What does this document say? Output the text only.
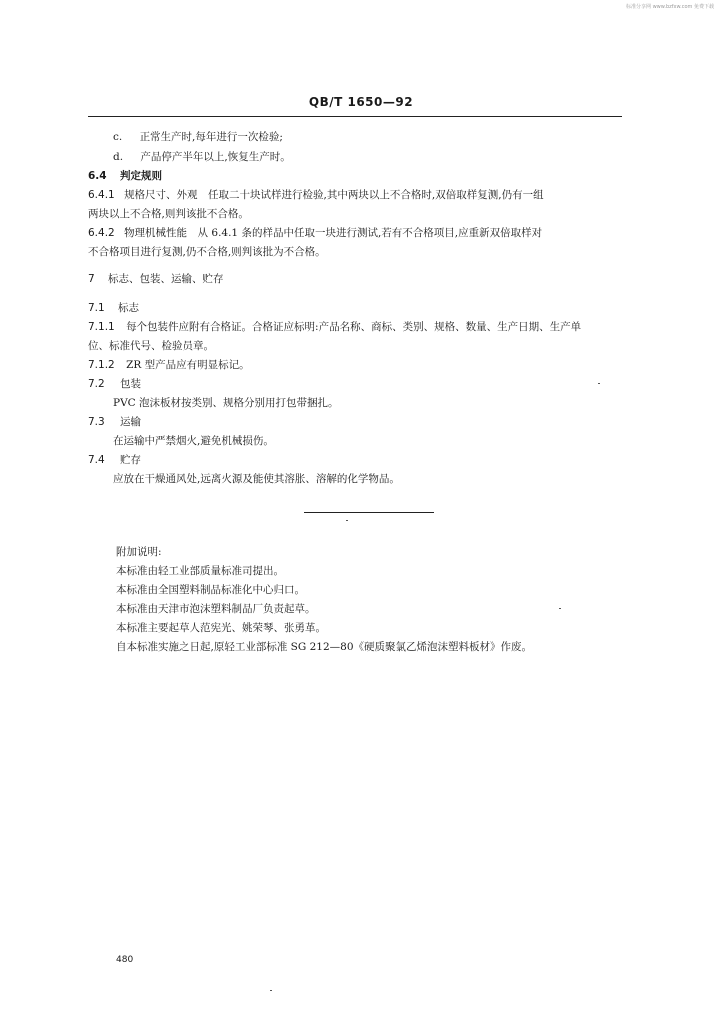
标准分享网 www.bzfxw.com 免费下载
QB/T 1650—92
c. 正常生产时,每年进行一次检验;
d. 产品停产半年以上,恢复生产时。
6.4 判定规则
6.4.1 规格尺寸、外观　任取二十块试样进行检验,其中两块以上不合格时,双倍取样复测,仍有一组
两块以上不合格,则判该批不合格。
6.4.2 物理机械性能　从 6.4.1 条的样品中任取一块进行测试,若有不合格项目,应重新双倍取样对
不合格项目进行复测,仍不合格,则判该批为不合格。
7 标志、包装、运输、贮存
7.1 标志
7.1.1 每个包装件应附有合格证。合格证应标明:产品名称、商标、类别、规格、数量、生产日期、生产单
位、标准代号、检验员章。
7.1.2 ZR 型产品应有明显标记。
7.2 包装
PVC 泡沫板材按类别、规格分别用打包带捆扎。
7.3 运输
在运输中严禁烟火,避免机械损伤。
7.4 贮存
应放在干燥通风处,远离火源及能使其溶胀、溶解的化学物品。
附加说明:
本标准由轻工业部质量标准司提出。
本标准由全国塑料制品标准化中心归口。
本标准由天津市泡沫塑料制品厂负责起草。
本标准主要起草人范宪光、姚荣琴、张勇革。
自本标准实施之日起,原轻工业部标准 SG 212—80《硬质聚氯乙烯泡沫塑料板材》作废。
480
